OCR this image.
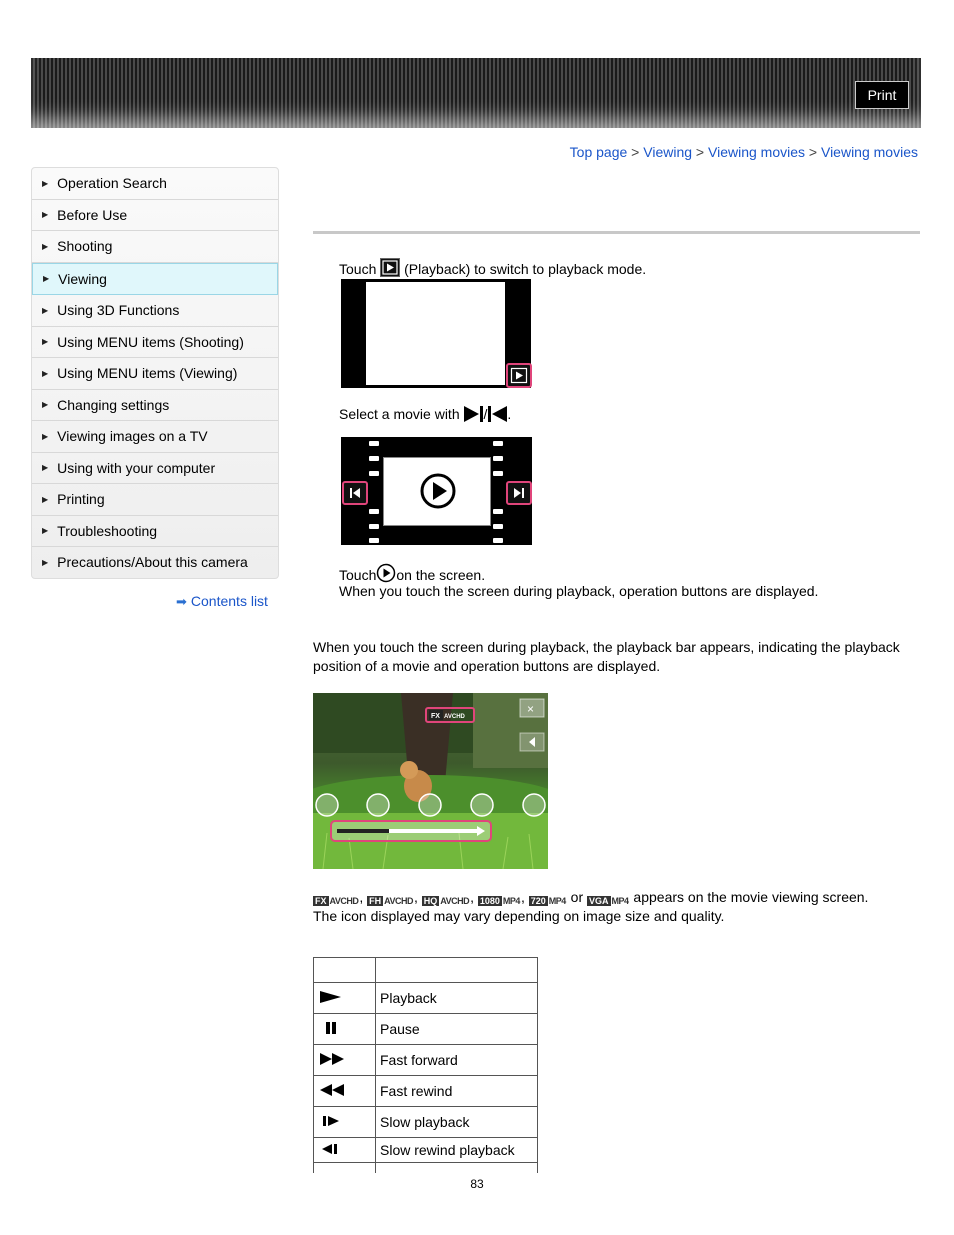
Print
Top page > Viewing > Viewing movies > Viewing movies
▶ Operation Search
▶ Before Use
▶ Shooting
▶ Viewing
▶ Using 3D Functions
▶ Using MENU items (Shooting)
▶ Using MENU items (Viewing)
▶ Changing settings
▶ Viewing images on a TV
▶ Using with your computer
▶ Printing
▶ Troubleshooting
▶ Precautions/About this camera
➡ Contents list
Touch (Playback) to switch to playback mode.
Select a movie with / .
Touch on the screen.
When you touch the screen during playback, operation buttons are displayed.
When you touch the screen during playback, the playback bar appears, indicating the playback
position of a movie and operation buttons are displayed.
FX AVCHD
×
FX AVCHD, FH AVCHD, HQ AVCHD, 1080 MP4, 720 MP4 or VGA MP4 appears on the movie viewing screen.
The icon displayed may vary depending on image size and quality.

	Playback
	Pause
	Fast forward
	Fast rewind
	Slow playback
	Slow rewind playback

83
